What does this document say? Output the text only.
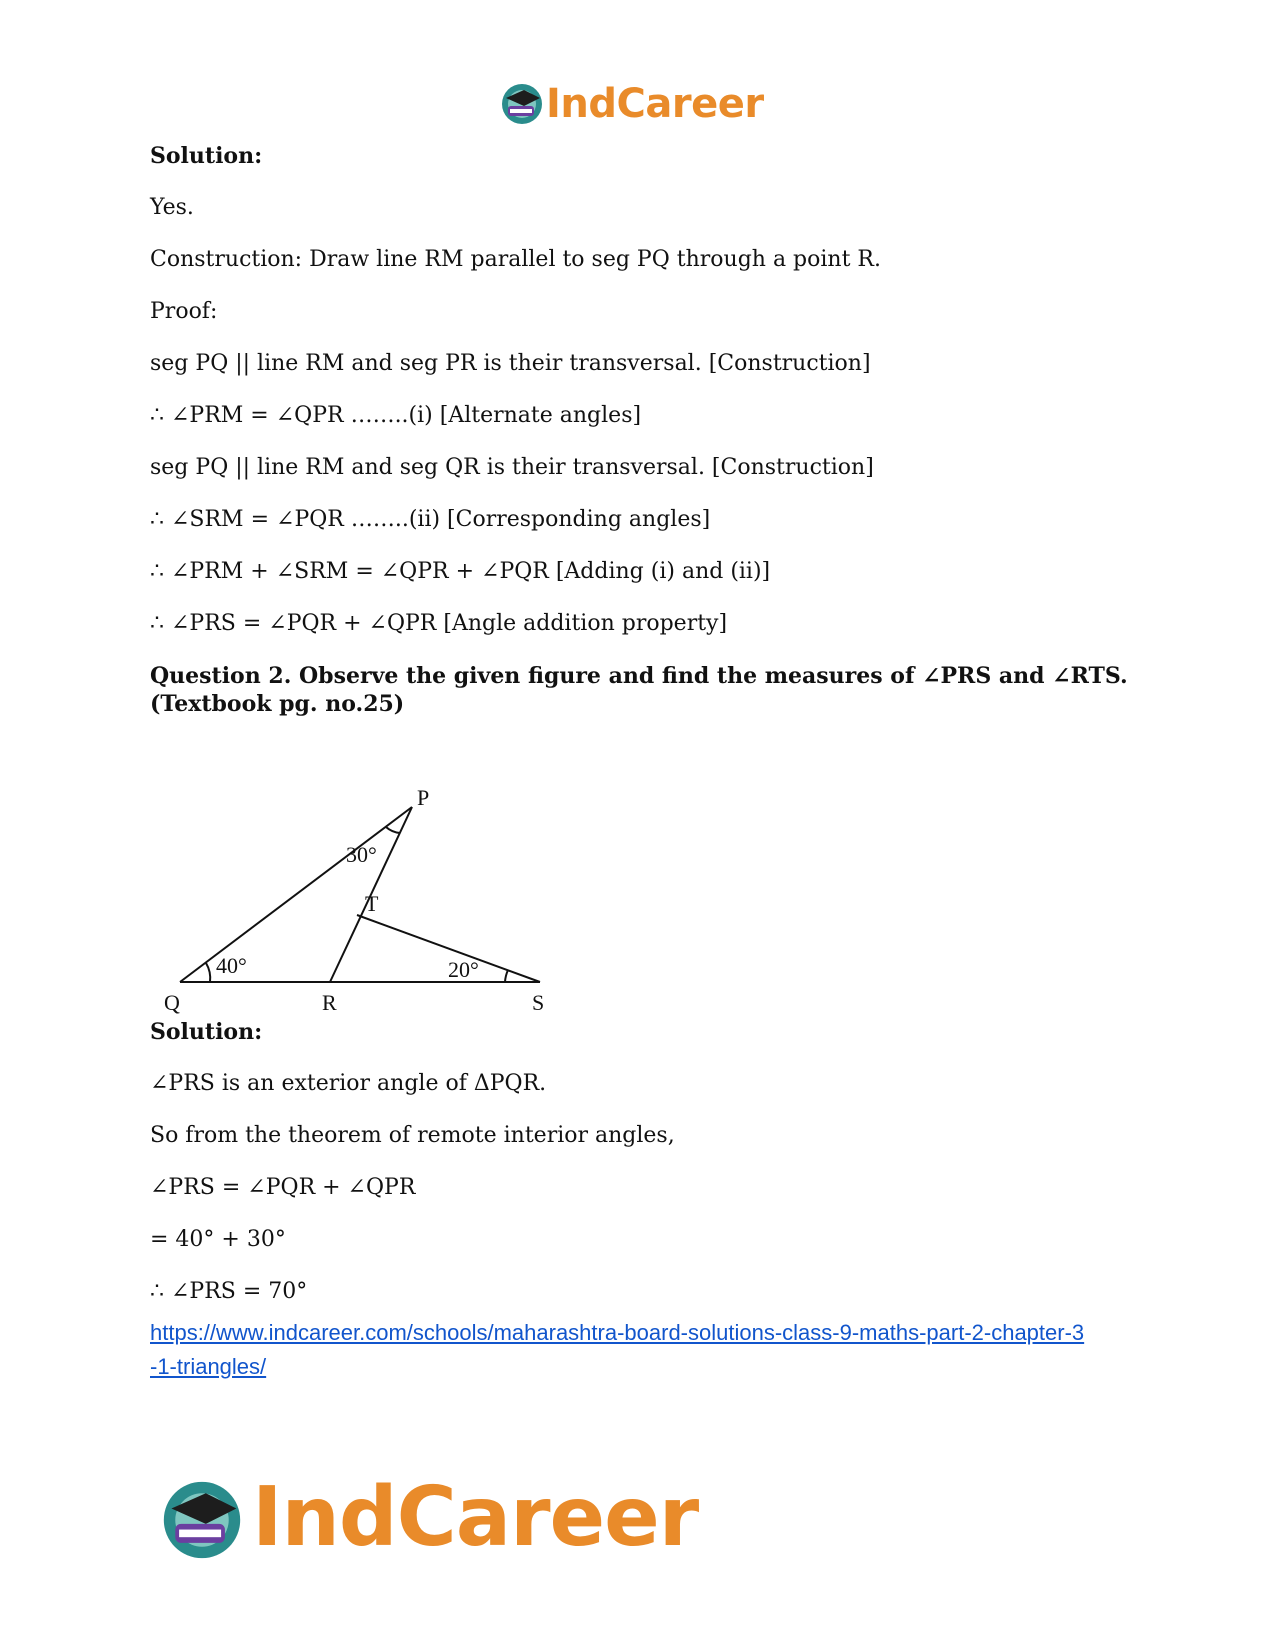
IndCareer
Solution:
Yes.
Construction: Draw line RM parallel to seg PQ through a point R.
Proof:
seg PQ || line RM and seg PR is their transversal. [Construction]
∴ ∠PRM = ∠QPR ……..(i) [Alternate angles]
seg PQ || line RM and seg QR is their transversal. [Construction]
∴ ∠SRM = ∠PQR ……..(ii) [Corresponding angles]
∴ ∠PRM + ∠SRM = ∠QPR + ∠PQR [Adding (i) and (ii)]
∴ ∠PRS = ∠PQR + ∠QPR [Angle addition property]
Question 2. Observe the given figure and find the measures of ∠PRS and ∠RTS.
(Textbook pg. no.25)
P
Q	R	S
T
30°
40°	20°
Solution:
∠PRS is an exterior angle of ΔPQR.
So from the theorem of remote interior angles,
∠PRS = ∠PQR + ∠QPR
= 40° + 30°
∴ ∠PRS = 70°
https://www.indcareer.com/schools/maharashtra-board-solutions-class-9-maths-part-2-chapter-3
-1-triangles/
IndCareer
